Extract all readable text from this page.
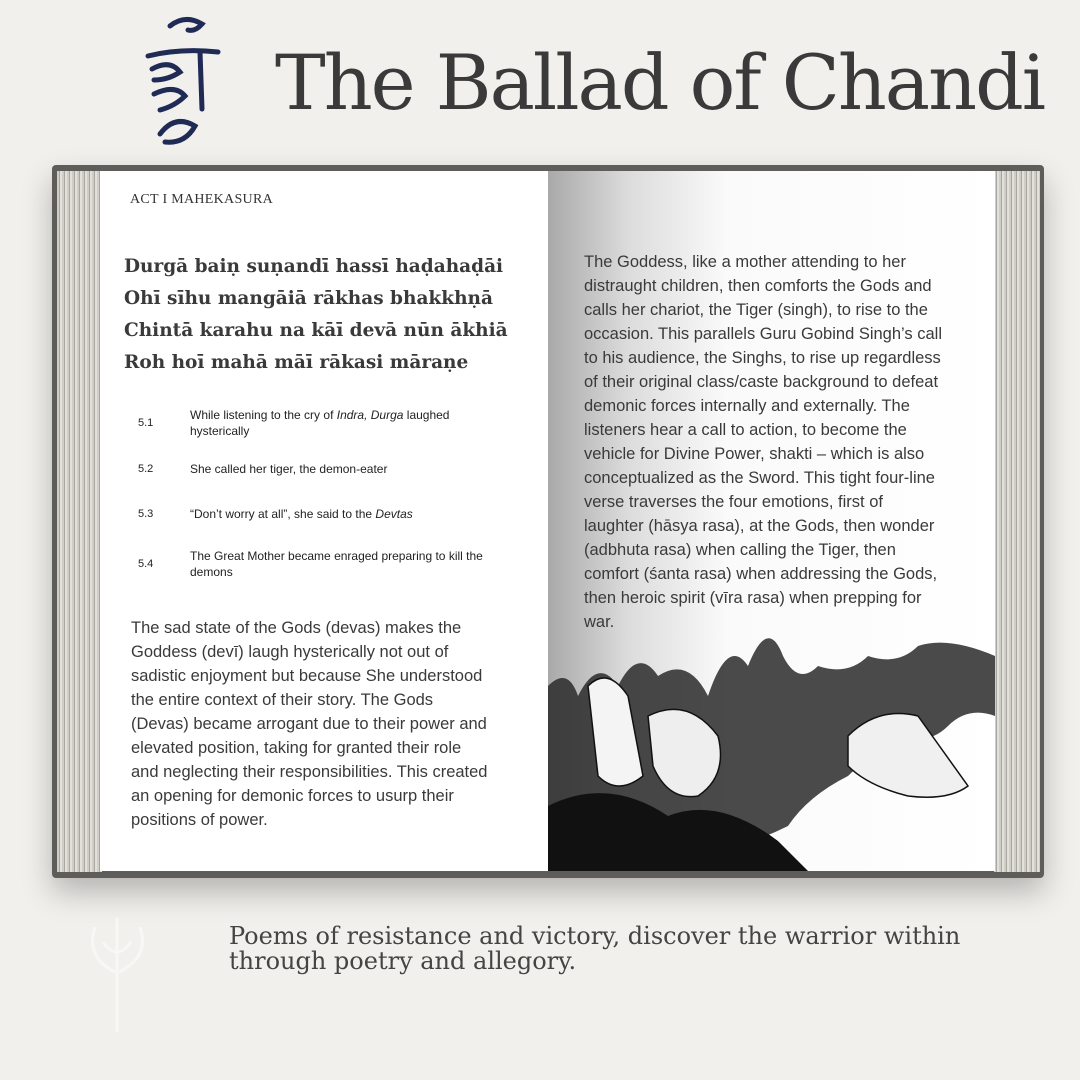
The Ballad of Chandi
ACT I MAHEKASURA
Durgā baiṇ suṇandī hassī haḍahaḍāi
Ohī sīhu mangāiā rākhas bhakkhṇā
Chintā karahu na kāī devā nūn ākhiā
Roh hoī mahā māī rākasi māraṇe
5.1
While listening to the cry of Indra, Durga laughed hysterically
5.2	She called her tiger, the demon-eater
5.3	“Don’t worry at all”, she said to the Devtas
5.4
The Great Mother became enraged preparing to kill the demons
The sad state of the Gods (devas) makes the
Goddess (devī) laugh hysterically not out of
sadistic enjoyment but because She understood
the entire context of their story. The Gods
(Devas) became arrogant due to their power and
elevated position, taking for granted their role
and neglecting their responsibilities. This created
an opening for demonic forces to usurp their
positions of power.
The Goddess, like a mother attending to her
distraught children, then comforts the Gods and
calls her chariot, the Tiger (singh), to rise to the
occasion. This parallels Guru Gobind Singh’s call
to his audience, the Singhs, to rise up regardless
of their original class/caste background to defeat
demonic forces internally and externally. The
listeners hear a call to action, to become the
vehicle for Divine Power, shakti – which is also
conceptualized as the Sword. This tight four-line
verse traverses the four emotions, first of
laughter (hāsya rasa), at the Gods, then wonder
(adbhuta rasa) when calling the Tiger, then
comfort (śanta rasa) when addressing the Gods,
then heroic spirit (vīra rasa) when prepping for
war.
Poems of resistance and victory, discover the warrior within
through poetry and allegory.
